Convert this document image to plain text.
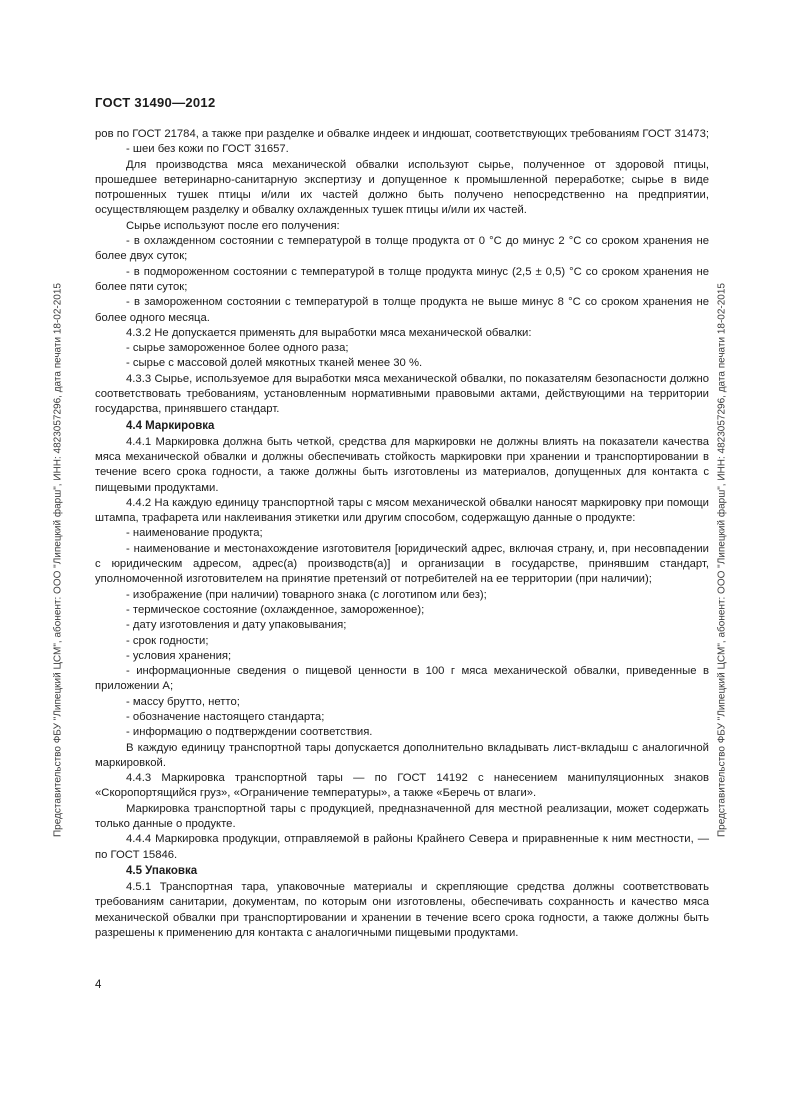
ГОСТ 31490—2012
Представительство ФБУ "Липецкий ЦСМ", абонент: ООО "Липецкий фарш", ИНН: 4823057296, дата печати 18-02-2015	Представительство ФБУ "Липецкий ЦСМ", абонент: ООО "Липецкий фарш", ИНН: 4823057296, дата печати 18-02-2015

ров по ГОСТ 21784, а также при разделке и обвалке индеек и индюшат, соответствующих требованиям ГОСТ 31473;

- шеи без кожи по ГОСТ 31657.

Для производства мяса механической обвалки используют сырье, полученное от здоровой птицы, прошедшее ветеринарно-санитарную экспертизу и допущенное к промышленной переработке; сырье в виде потрошенных тушек птицы и/или их частей должно быть получено непосредственно на предприятии, осуществляющем разделку и обвалку охлажденных тушек птицы и/или их частей.

Сырье используют после его получения:

- в охлажденном состоянии с температурой в толще продукта от 0 °С до минус 2 °С со сроком хранения не более двух суток;

- в подмороженном состоянии с температурой в толще продукта минус (2,5 ± 0,5) °С со сроком хранения не более пяти суток;

- в замороженном состоянии с температурой в толще продукта не выше минус 8 °С со сроком хранения не более одного месяца.

4.3.2 Не допускается применять для выработки мяса механической обвалки:

- сырье замороженное более одного раза;

- сырье с массовой долей мякотных тканей менее 30 %.

4.3.3 Сырье, используемое для выработки мяса механической обвалки, по показателям безопасности должно соответствовать требованиям, установленным нормативными правовыми актами, действующими на территории государства, принявшего стандарт.

4.4 Маркировка

4.4.1 Маркировка должна быть четкой, средства для маркировки не должны влиять на показатели качества мяса механической обвалки и должны обеспечивать стойкость маркировки при хранении и транспортировании в течение всего срока годности, а также должны быть изготовлены из материалов, допущенных для контакта с пищевыми продуктами.

4.4.2 На каждую единицу транспортной тары с мясом механической обвалки наносят маркировку при помощи штампа, трафарета или наклеивания этикетки или другим способом, содержащую данные о продукте:

- наименование продукта;

- наименование и местонахождение изготовителя [юридический адрес, включая страну, и, при несовпадении с юридическим адресом, адрес(а) производств(а)] и организации в государстве, принявшим стандарт, уполномоченной изготовителем на принятие претензий от потребителей на ее территории (при наличии);

- изображение (при наличии) товарного знака (с логотипом или без);

- термическое состояние (охлажденное, замороженное);

- дату изготовления и дату упаковывания;

- срок годности;

- условия хранения;

- информационные сведения о пищевой ценности в 100 г мяса механической обвалки, приведенные в приложении А;

- массу брутто, нетто;

- обозначение настоящего стандарта;

- информацию о подтверждении соответствия.

В каждую единицу транспортной тары допускается дополнительно вкладывать лист-вкладыш с аналогичной маркировкой.

4.4.3 Маркировка транспортной тары — по ГОСТ 14192 с нанесением манипуляционных знаков «Скоропортящийся груз», «Ограничение температуры», а также «Беречь от влаги».

Маркировка транспортной тары с продукцией, предназначенной для местной реализации, может содержать только данные о продукте.

4.4.4 Маркировка продукции, отправляемой в районы Крайнего Севера и приравненные к ним местности, — по ГОСТ 15846.

4.5 Упаковка

4.5.1 Транспортная тара, упаковочные материалы и скрепляющие средства должны соответствовать требованиям санитарии, документам, по которым они изготовлены, обеспечивать сохранность и качество мяса механической обвалки при транспортировании и хранении в течение всего срока годности, а также должны быть разрешены к применению для контакта с аналогичными пищевыми продуктами.

4
